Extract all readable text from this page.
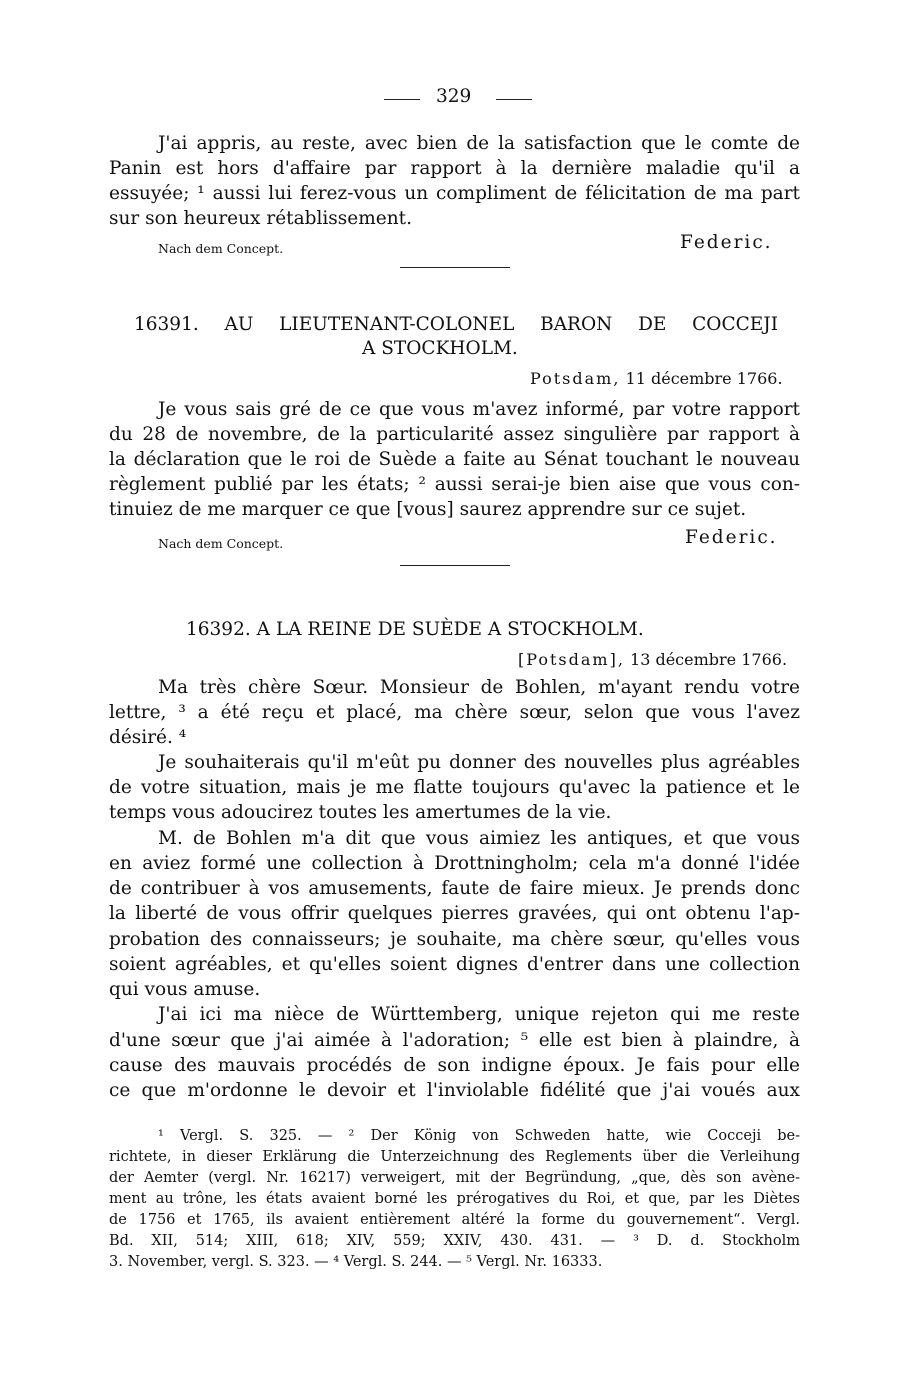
329
J'ai appris, au reste, avec bien de la satisfaction que le comte de
Panin est hors d'affaire par rapport à la dernière maladie qu'il a
essuyée; ¹ aussi lui ferez-vous un compliment de félicitation de ma part
sur son heureux rétablissement.
Nach dem Concept.	Federic.
16391. AU LIEUTENANT-COLONEL BARON DE COCCEJI
A STOCKHOLM.
Potsdam, 11 décembre 1766.
Je vous sais gré de ce que vous m'avez informé, par votre rapport
du 28 de novembre, de la particularité assez singulière par rapport à
la déclaration que le roi de Suède a faite au Sénat touchant le nouveau
règlement publié par les états; ² aussi serai-je bien aise que vous con-
tinuiez de me marquer ce que [vous] saurez apprendre sur ce sujet.
Nach dem Concept.	Federic.
16392. A LA REINE DE SUÈDE A STOCKHOLM.
[Potsdam], 13 décembre 1766.
Ma très chère Sœur. Monsieur de Bohlen, m'ayant rendu votre
lettre, ³ a été reçu et placé, ma chère sœur, selon que vous l'avez
désiré. ⁴
Je souhaiterais qu'il m'eût pu donner des nouvelles plus agréables
de votre situation, mais je me flatte toujours qu'avec la patience et le
temps vous adoucirez toutes les amertumes de la vie.
M. de Bohlen m'a dit que vous aimiez les antiques, et que vous
en aviez formé une collection à Drottningholm; cela m'a donné l'idée
de contribuer à vos amusements, faute de faire mieux. Je prends donc
la liberté de vous offrir quelques pierres gravées, qui ont obtenu l'ap-
probation des connaisseurs; je souhaite, ma chère sœur, qu'elles vous
soient agréables, et qu'elles soient dignes d'entrer dans une collection
qui vous amuse.
J'ai ici ma nièce de Württemberg, unique rejeton qui me reste
d'une sœur que j'ai aimée à l'adoration; ⁵ elle est bien à plaindre, à
cause des mauvais procédés de son indigne époux. Je fais pour elle
ce que m'ordonne le devoir et l'inviolable fidélité que j'ai voués aux
¹ Vergl. S. 325. — ² Der König von Schweden hatte, wie Cocceji be-
richtete, in dieser Erklärung die Unterzeichnung des Reglements über die Verleihung
der Aemter (vergl. Nr. 16217) verweigert, mit der Begründung, „que, dès son avène-
ment au trône, les états avaient borné les prérogatives du Roi, et que, par les Diètes
de 1756 et 1765, ils avaient entièrement altéré la forme du gouvernement“. Vergl.
Bd. XII, 514; XIII, 618; XIV, 559; XXIV, 430. 431. — ³ D. d. Stockholm
3. November, vergl. S. 323. — ⁴ Vergl. S. 244. — ⁵ Vergl. Nr. 16333.
